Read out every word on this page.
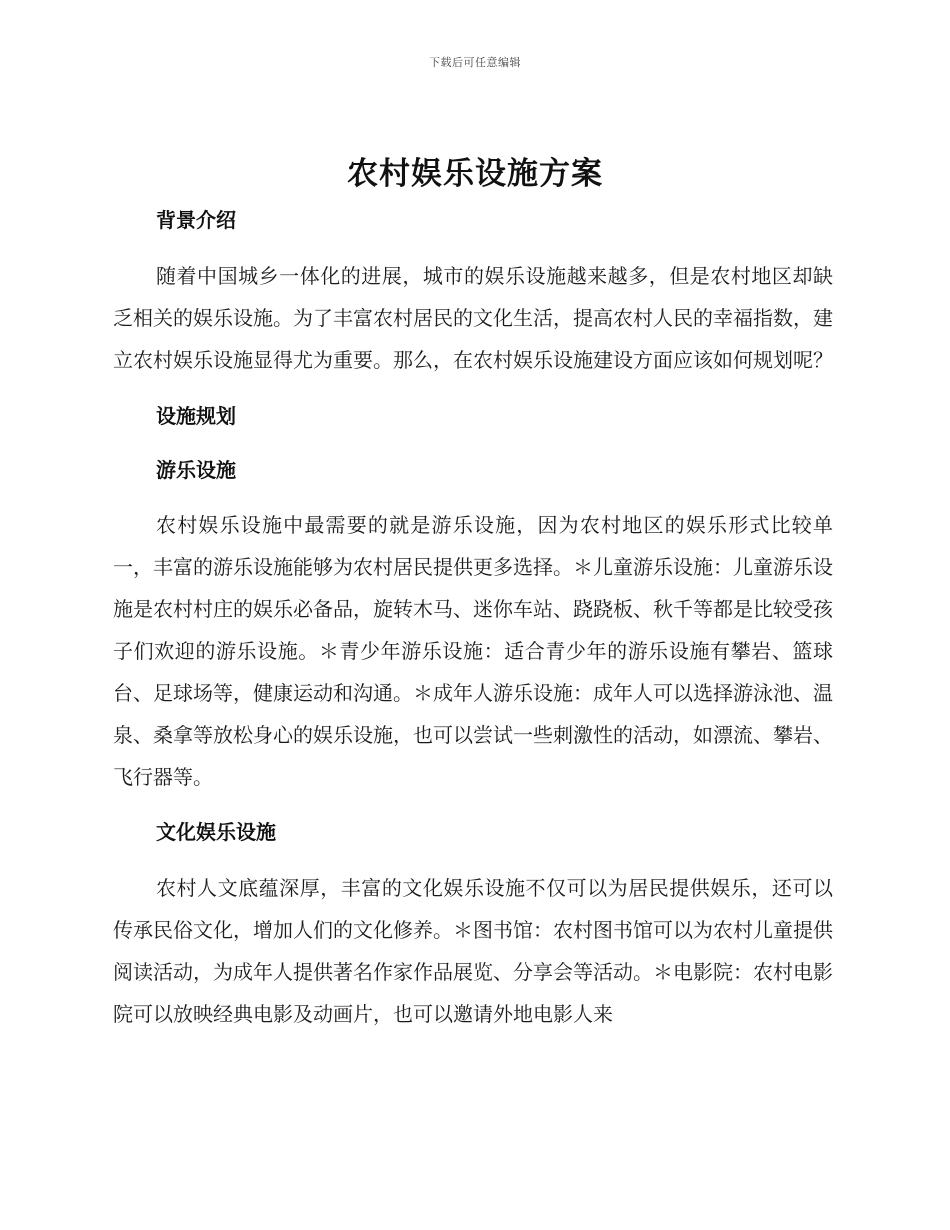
下载后可任意编辑
农村娱乐设施方案
背景介绍

随着中国城乡一体化的进展，城市的娱乐设施越来越多，但是农村地区却缺乏相关的娱乐设施。为了丰富农村居民的文化生活，提高农村人民的幸福指数，建立农村娱乐设施显得尤为重要。那么，在农村娱乐设施建设方面应该如何规划呢？

设施规划
游乐设施

农村娱乐设施中最需要的就是游乐设施，因为农村地区的娱乐形式比较单一，丰富的游乐设施能够为农村居民提供更多选择。＊儿童游乐设施：儿童游乐设施是农村村庄的娱乐必备品，旋转木马、迷你车站、跷跷板、秋千等都是比较受孩子们欢迎的游乐设施。＊青少年游乐设施：适合青少年的游乐设施有攀岩、篮球台、足球场等，健康运动和沟通。＊成年人游乐设施：成年人可以选择游泳池、温泉、桑拿等放松身心的娱乐设施，也可以尝试一些刺激性的活动，如漂流、攀岩、飞行器等。

文化娱乐设施

农村人文底蕴深厚，丰富的文化娱乐设施不仅可以为居民提供娱乐，还可以传承民俗文化，增加人们的文化修养。＊图书馆：农村图书馆可以为农村儿童提供阅读活动，为成年人提供著名作家作品展览、分享会等活动。＊电影院：农村电影院可以放映经典电影及动画片，也可以邀请外地电影人来
